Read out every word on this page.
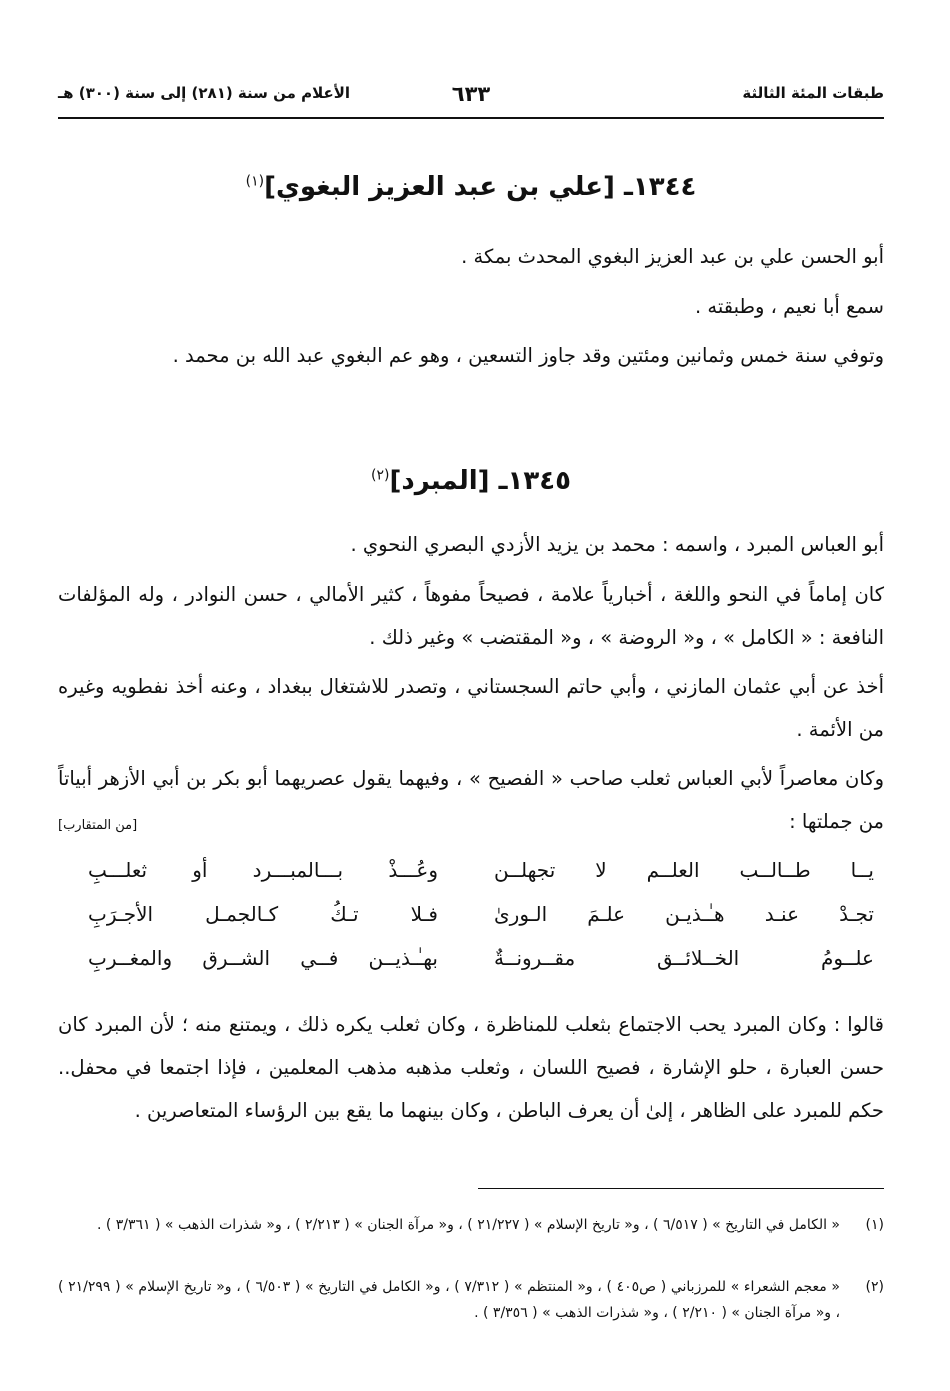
طبقات المئة الثالثة
٦٣٣
الأعلام من سنة (٢٨١) إلى سنة (٣٠٠) هـ
١٣٤٤ـ [علي بن عبد العزيز البغوي]$^{(١)}$
أبو الحسن علي بن عبد العزيز البغوي المحدث بمكة .
سمع أبا نعيم ، وطبقته .
وتوفي سنة خمس وثمانين ومئتين وقد جاوز التسعين ، وهو عم البغوي عبد الله بن محمد .
١٣٤٥ـ [المبرد]$^{(٢)}$
أبو العباس المبرد ، واسمه : محمد بن يزيد الأزدي البصري النحوي .
كان إماماً في النحو واللغة ، أخبارياً علامة ، فصيحاً مفوهاً ، كثير الأمالي ، حسن النوادر ، وله المؤلفات النافعة : « الكامل » ، و« الروضة » ، و« المقتضب » وغير ذلك .
أخذ عن أبي عثمان المازني ، وأبي حاتم السجستاني ، وتصدر للاشتغال ببغداد ، وعنه أخذ نفطويه وغيره من الأئمة .
وكان معاصراً لأبي العباس ثعلب صاحب « الفصيح » ، وفيهما يقول عصريهما أبو بكر بن أبي الأزهر أبياتاً من جملتها :
[من المتقارب]
يــا طــالــب العلــم لا تجهلــن
وعُـــذْ بـــالمبـــرد أو ثعلـــبِ
تجـدْ عنـد هـٰـذيـن علـمَ الـورىٰ
فـلا تـكُ كـالجمـل الأجـرَبِ
علــومُ الخــلائــق مقــرونــةٌ
بهـٰـذيــن فــي الشــرق والمغــربِ
قالوا : وكان المبرد يحب الاجتماع بثعلب للمناظرة ، وكان ثعلب يكره ذلك ، ويمتنع منه ؛ لأن المبرد كان حسن العبارة ، حلو الإشارة ، فصيح اللسان ، وثعلب مذهبه مذهب المعلمين ، فإذا اجتمعا في محفل.. حكم للمبرد على الظاهر ، إلىٰ أن يعرف الباطن ، وكان بينهما ما يقع بين الرؤساء المتعاصرين .
(١)
« الكامل في التاريخ » ( ٦/٥١٧ ) ، و« تاريخ الإسلام » ( ٢١/٢٢٧ ) ، و« مرآة الجنان » ( ٢/٢١٣ ) ، و« شذرات الذهب » ( ٣/٣٦١ ) .
(٢)
« معجم الشعراء » للمرزباني ( ص٤٠٥ ) ، و« المنتظم » ( ٧/٣١٢ ) ، و« الكامل في التاريخ » ( ٦/٥٠٣ ) ، و« تاريخ الإسلام » ( ٢١/٢٩٩ ) ، و« مرآة الجنان » ( ٢/٢١٠ ) ، و« شذرات الذهب » ( ٣/٣٥٦ ) .
